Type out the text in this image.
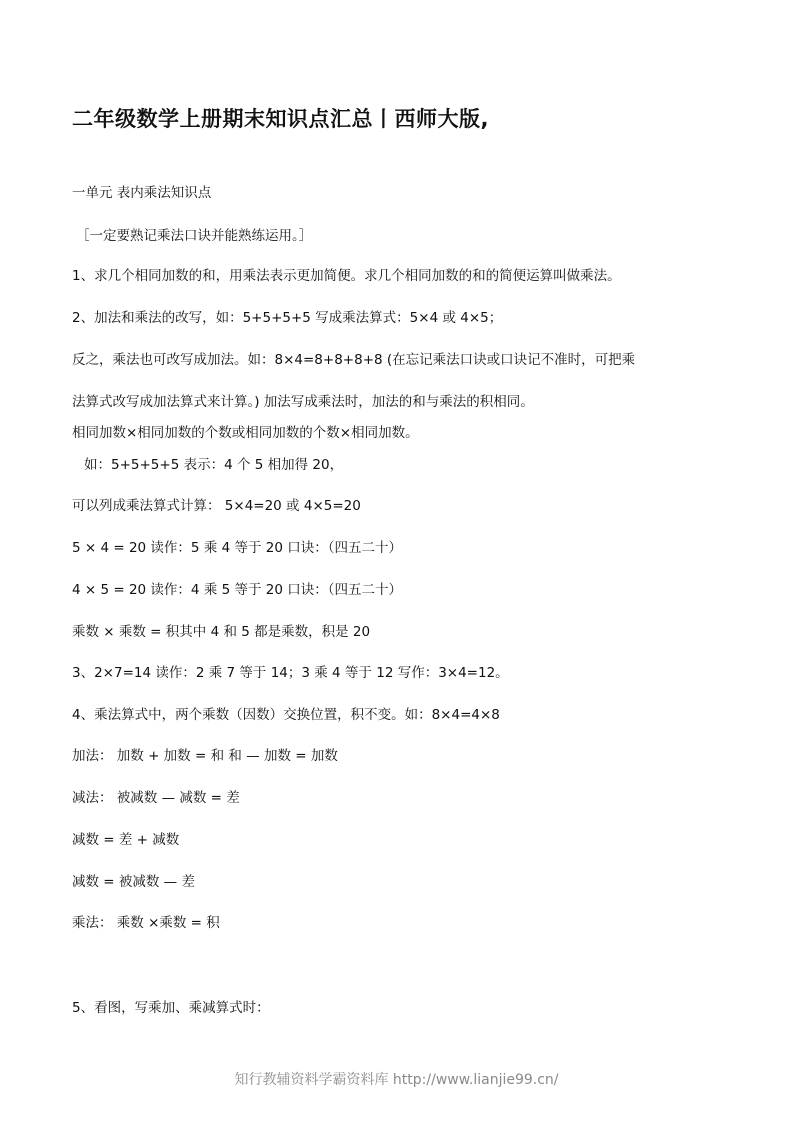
二年级数学上册期末知识点汇总丨西师大版,
一单元 表内乘法知识点
［一定要熟记乘法口诀并能熟练运用。］
1、求几个相同加数的和，用乘法表示更加简便。求几个相同加数的和的简便运算叫做乘法。
2、加法和乘法的改写，如：5+5+5+5 写成乘法算式：5×4 或 4×5；
反之，乘法也可改写成加法。如：8×4=8+8+8+8 (在忘记乘法口诀或口诀记不准时，可把乘
法算式改写成加法算式来计算。) 加法写成乘法时，加法的和与乘法的积相同。
相同加数×相同加数的个数或相同加数的个数×相同加数。
如：5+5+5+5 表示：4 个 5 相加得 20，
可以列成乘法算式计算： 5×4=20 或 4×5=20
5 × 4 = 20 读作：5 乘 4 等于 20 口诀：（四五二十）
4 × 5 = 20 读作：4 乘 5 等于 20 口诀：（四五二十）
乘数 × 乘数 = 积其中 4 和 5 都是乘数，积是 20
3、2×7=14 读作：2 乘 7 等于 14；3 乘 4 等于 12 写作：3×4=12。
4、乘法算式中，两个乘数（因数）交换位置，积不变。如：8×4=4×8
加法： 加数 + 加数 = 和 和 — 加数 = 加数
减法： 被减数 — 减数 = 差
减数 = 差 + 减数
减数 = 被减数 — 差
乘法： 乘数 ×乘数 = 积
5、看图，写乘加、乘减算式时：
知行教辅资料学霸资料库 http://www.lianjie99.cn/
